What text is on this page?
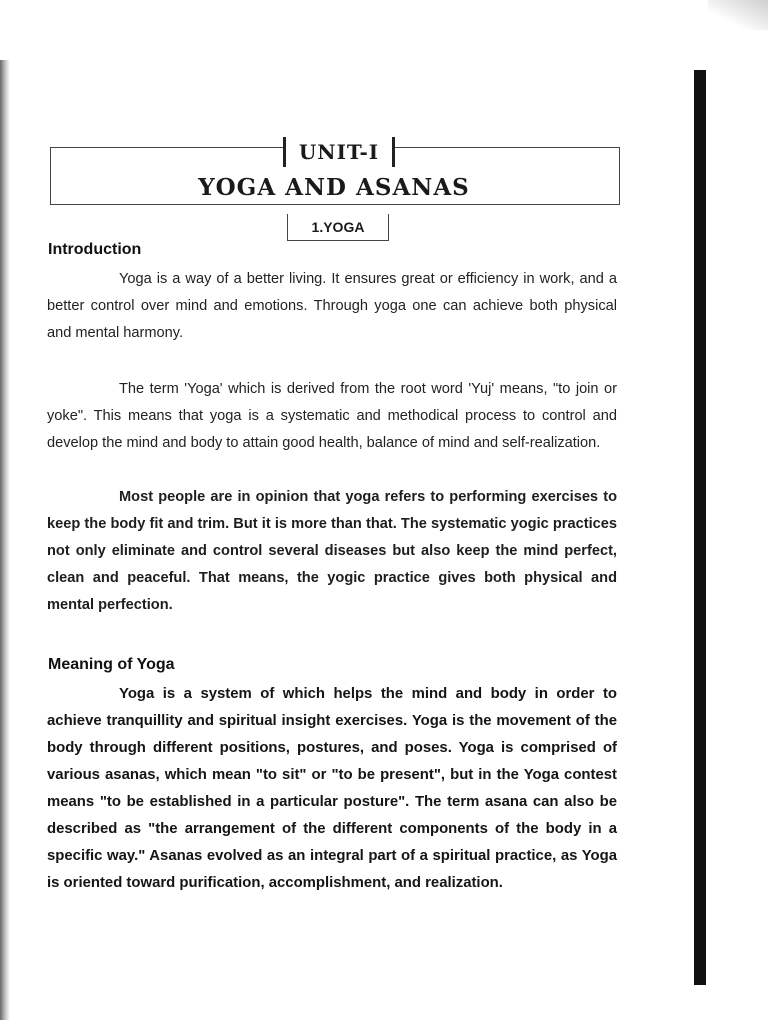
UNIT-I
YOGA AND ASANAS
1.YOGA
Introduction

Yoga is a way of a better living. It ensures great or efficiency in work, and a better control over mind and emotions. Through yoga one can achieve both physical and mental harmony.

The term 'Yoga' which is derived from the root word 'Yuj' means, "to join or yoke". This means that yoga is a systematic and methodical process to control and develop the mind and body to attain good health, balance of mind and self-realization.

Most people are in opinion that yoga refers to performing exercises to keep the body fit and trim. But it is more than that. The systematic yogic practices not only eliminate and control several diseases but also keep the mind perfect, clean and peaceful. That means, the yogic practice gives both physical and mental perfection.

Meaning of Yoga

Yoga is a system of which helps the mind and body in order to achieve tranquillity and spiritual insight exercises. Yoga is the movement of the body through different positions, postures, and poses. Yoga is comprised of various asanas, which mean "to sit" or "to be present", but in the Yoga contest means "to be established in a particular posture". The term asana can also be described as "the arrangement of the different components of the body in a specific way." Asanas evolved as an integral part of a spiritual practice, as Yoga is oriented toward purification, accomplishment, and realization.
